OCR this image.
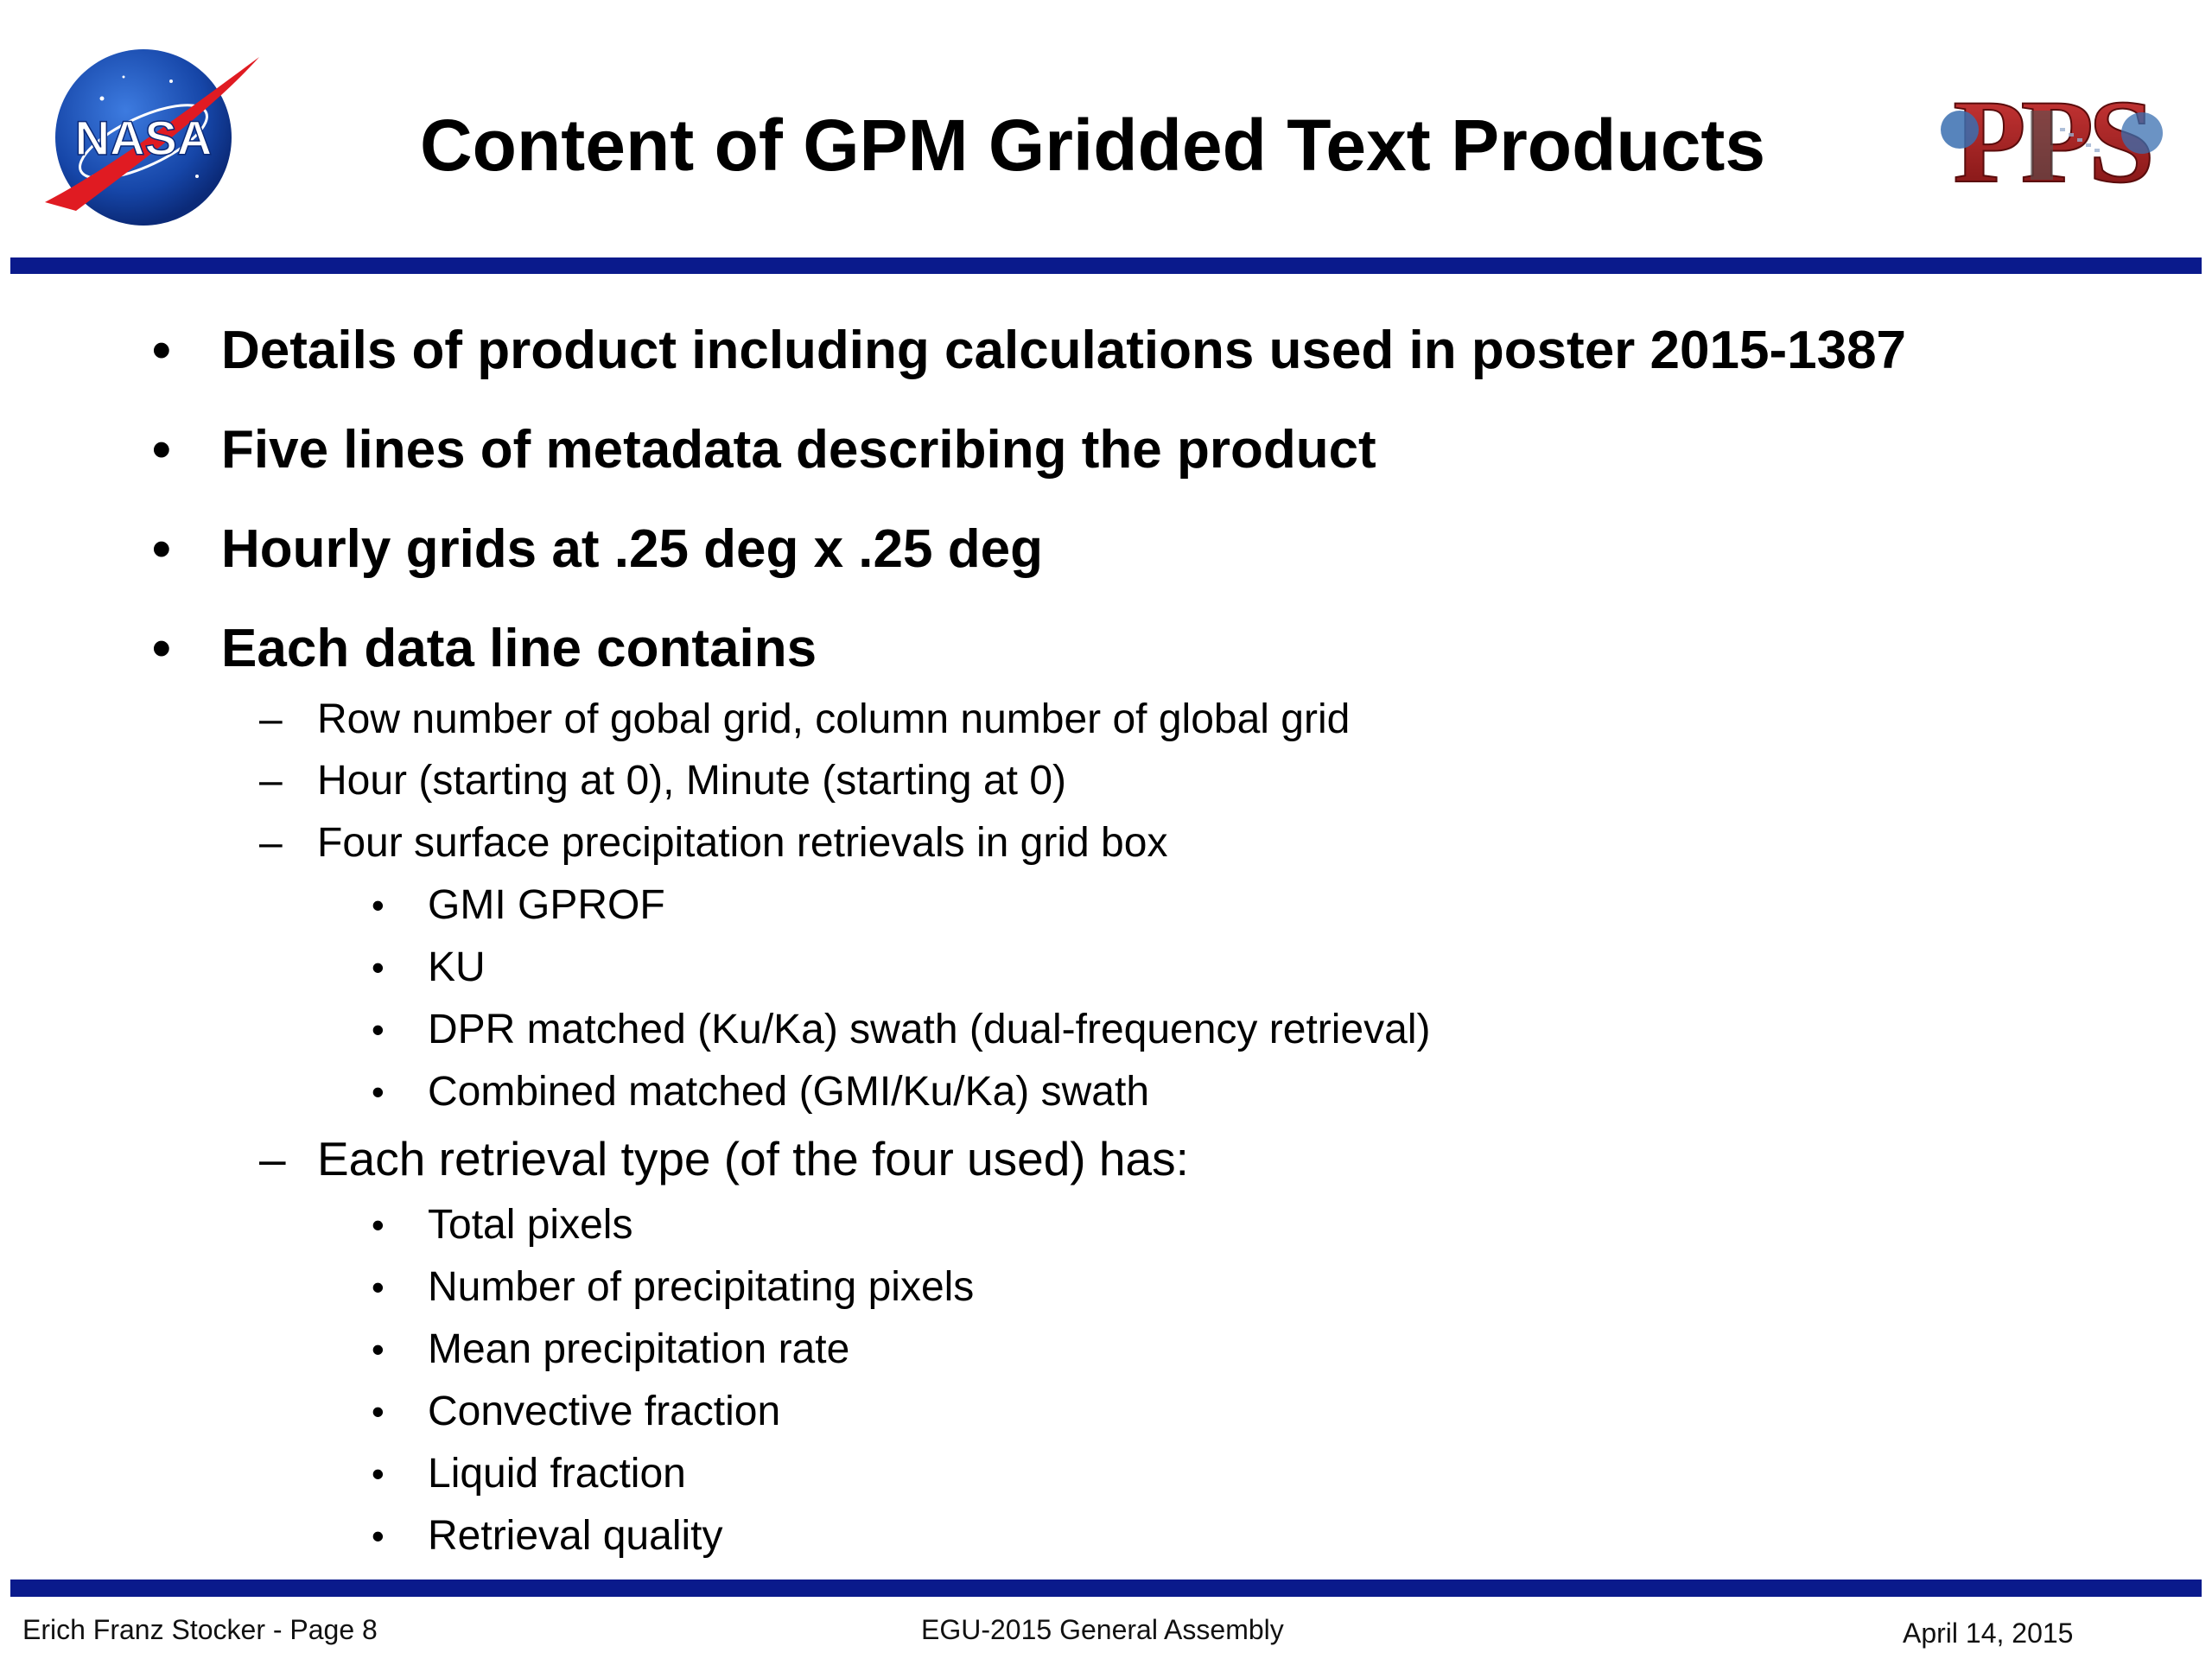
NASA	Content of GPM Gridded Text Products
• Details of product including calculations used in poster 2015-1387
• Five lines of metadata describing the product
• Hourly grids at .25 deg x .25 deg
• Each data line contains
– Row number of gobal grid, column number of global grid
– Hour (starting at 0), Minute (starting at 0)
– Four surface precipitation retrievals in grid box
• GMI GPROF
• KU
• DPR matched (Ku/Ka) swath (dual-frequency retrieval)
• Combined matched (GMI/Ku/Ka) swath
– Each retrieval type (of the four used) has:
• Total pixels
• Number of precipitating pixels
• Mean precipitation rate
• Convective fraction
• Liquid fraction
• Retrieval quality
Erich Franz Stocker - Page 8	EGU-2015 General Assembly	April 14, 2015
